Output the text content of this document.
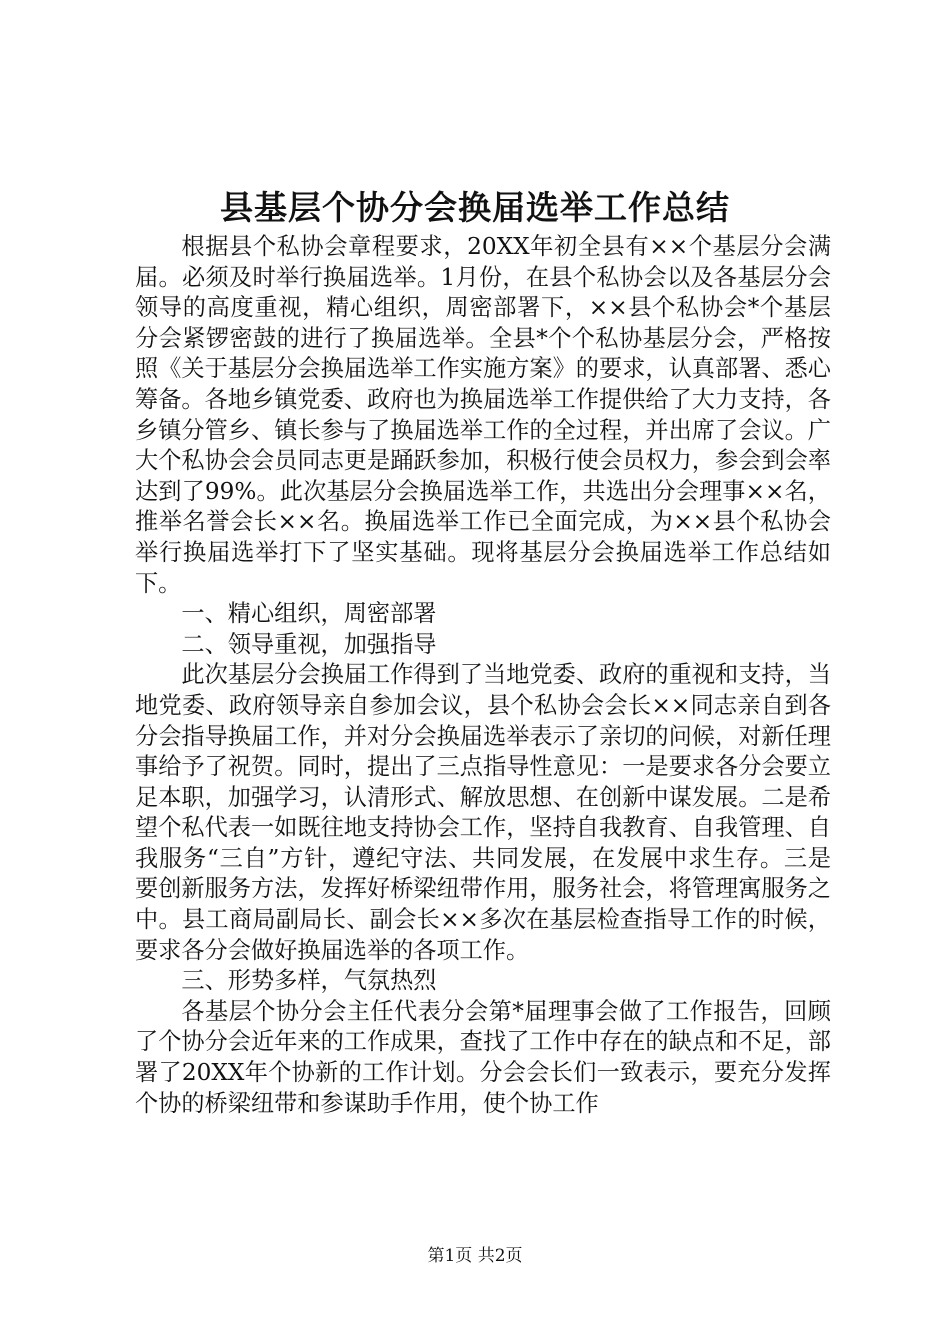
县基层个协分会换届选举工作总结

根据县个私协会章程要求，20XX年初全县有××个基层分会满届。必须及时举行换届选举。1月份，在县个私协会以及各基层分会领导的高度重视，精心组织，周密部署下，××县个私协会*个基层分会紧锣密鼓的进行了换届选举。全县*个个私协基层分会，严格按照《关于基层分会换届选举工作实施方案》的要求，认真部署、悉心筹备。各地乡镇党委、政府也为换届选举工作提供给了大力支持，各乡镇分管乡、镇长参与了换届选举工作的全过程，并出席了会议。广大个私协会会员同志更是踊跃参加，积极行使会员权力，参会到会率达到了99%。此次基层分会换届选举工作，共选出分会理事××名，推举名誉会长××名。换届选举工作已全面完成，为××县个私协会举行换届选举打下了坚实基础。现将基层分会换届选举工作总结如下。

一、精心组织，周密部署

二、领导重视，加强指导

此次基层分会换届工作得到了当地党委、政府的重视和支持，当地党委、政府领导亲自参加会议，县个私协会会长××同志亲自到各分会指导换届工作，并对分会换届选举表示了亲切的问候，对新任理事给予了祝贺。同时，提出了三点指导性意见：一是要求各分会要立足本职，加强学习，认清形式、解放思想、在创新中谋发展。二是希望个私代表一如既往地支持协会工作，坚持自我教育、自我管理、自我服务“三自”方针，遵纪守法、共同发展，在发展中求生存。三是要创新服务方法，发挥好桥梁纽带作用，服务社会，将管理寓服务之中。县工商局副局长、副会长××多次在基层检查指导工作的时候，要求各分会做好换届选举的各项工作。

三、形势多样，气氛热烈

各基层个协分会主任代表分会第*届理事会做了工作报告，回顾了个协分会近年来的工作成果，查找了工作中存在的缺点和不足，部署了20XX年个协新的工作计划。分会会长们一致表示，要充分发挥个协的桥梁纽带和参谋助手作用，使个协工作

第1页 共2页
